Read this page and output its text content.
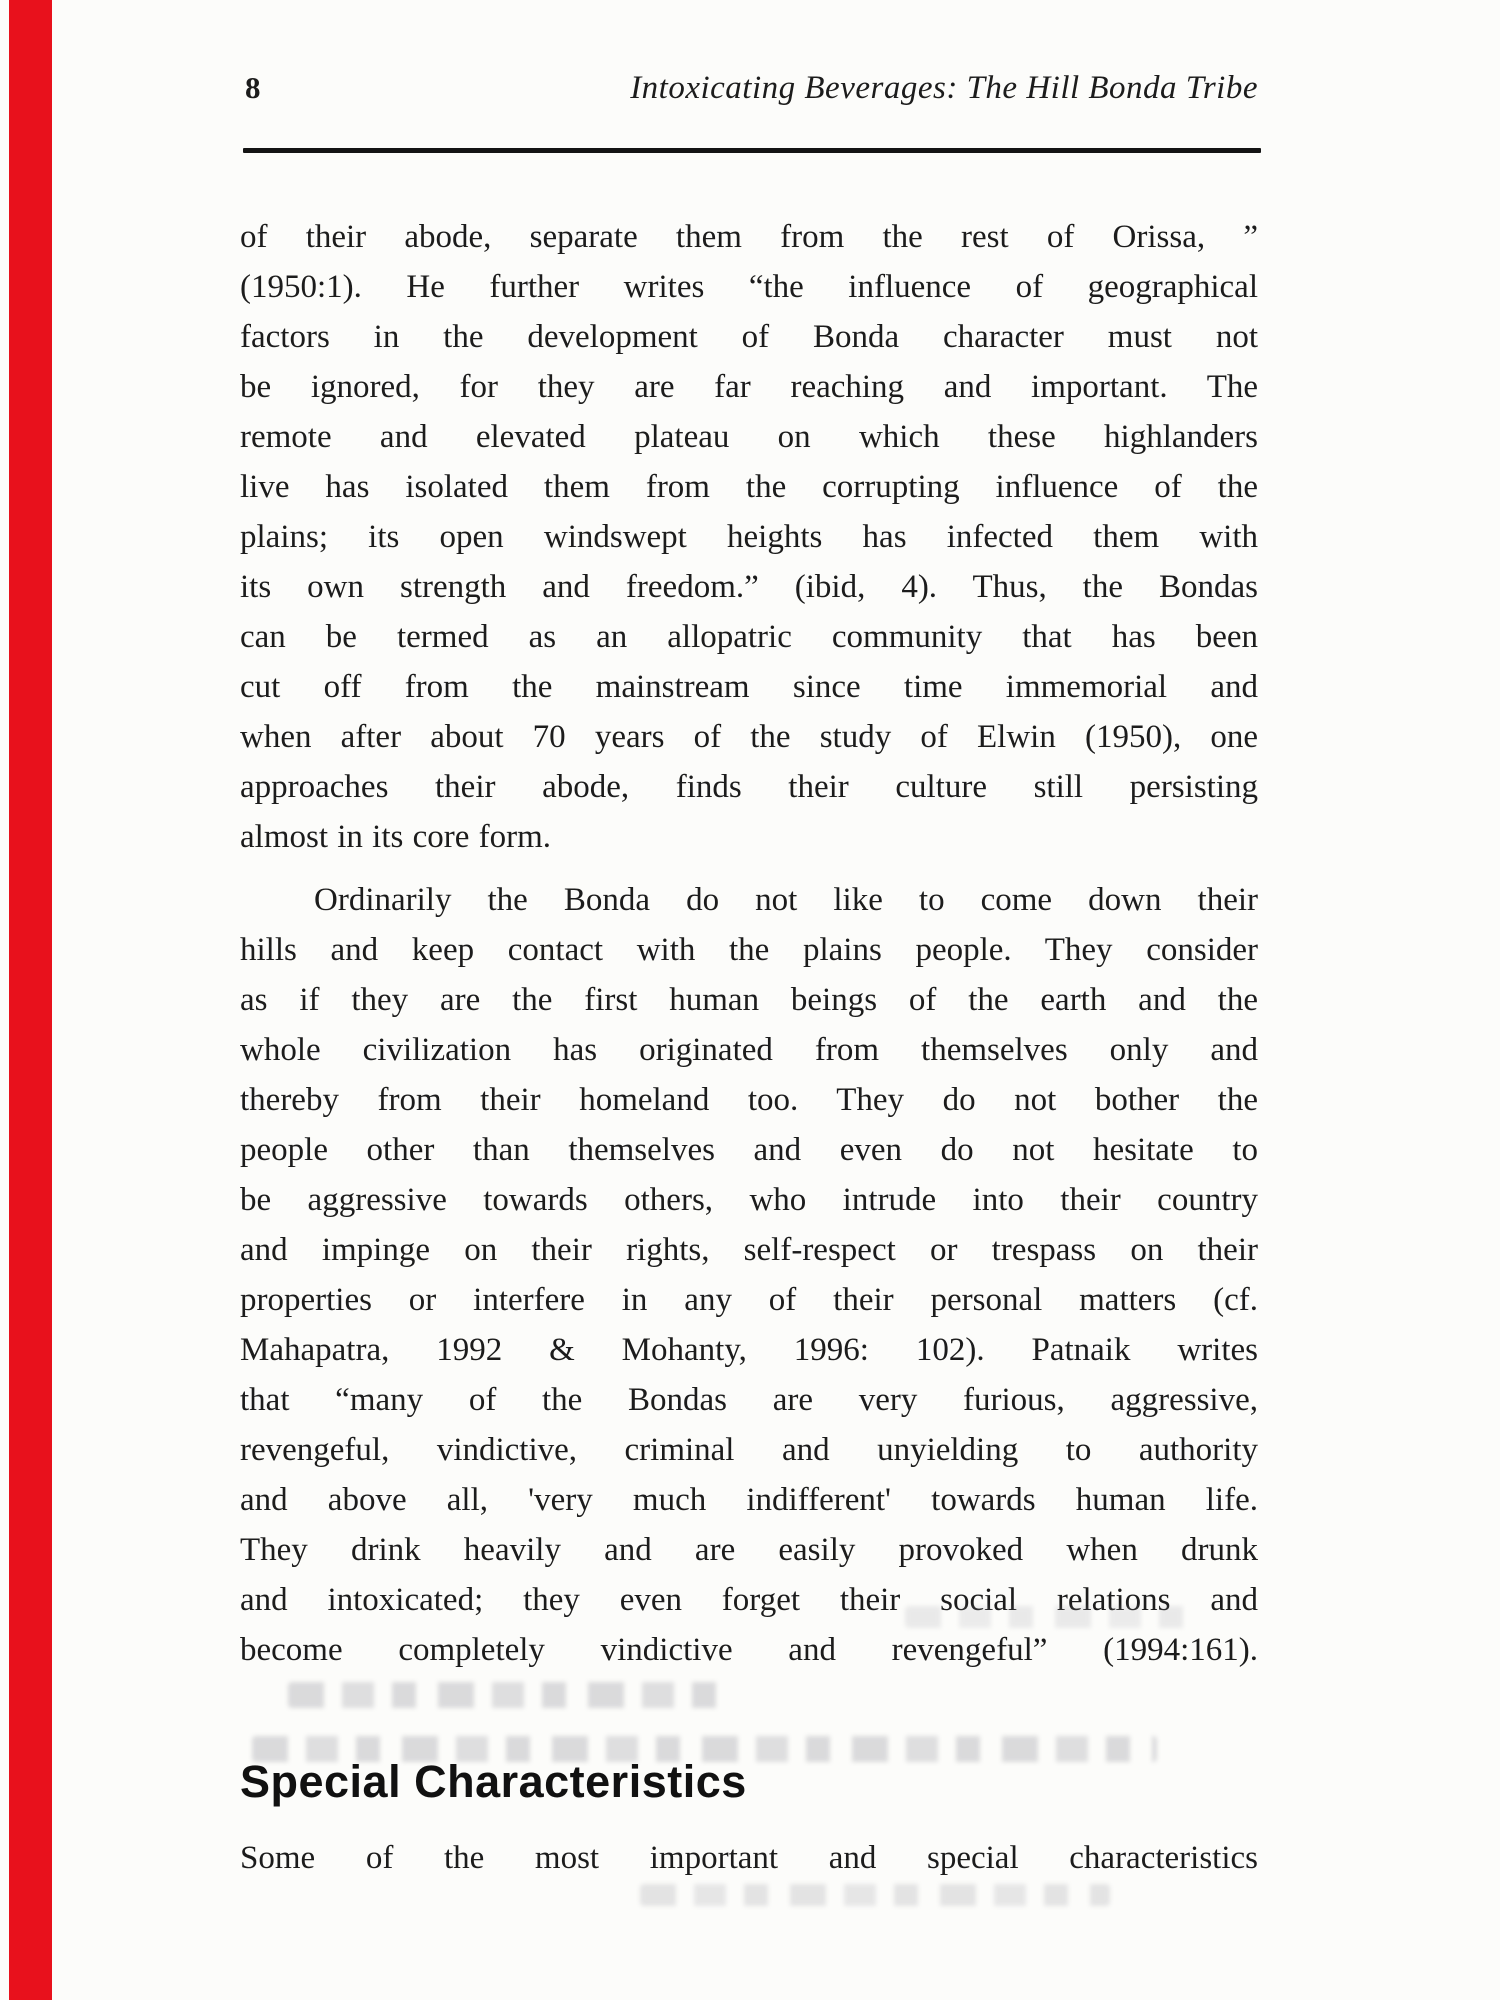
8	Intoxicating Beverages: The Hill Bonda Tribe
of their abode, separate them from the rest of Orissa, ”
(1950:1). He further writes “the influence of geographical
factors in the development of Bonda character must not
be ignored, for they are far reaching and important. The
remote and elevated plateau on which these highlanders
live has isolated them from the corrupting influence of the
plains; its open windswept heights has infected them with
its own strength and freedom.” (ibid, 4). Thus, the Bondas
can be termed as an allopatric community that has been
cut off from the mainstream since time immemorial and
when after about 70 years of the study of Elwin (1950), one
approaches their abode, finds their culture still persisting
almost in its core form.
Ordinarily the Bonda do not like to come down their
hills and keep contact with the plains people. They consider
as if they are the first human beings of the earth and the
whole civilization has originated from themselves only and
thereby from their homeland too. They do not bother the
people other than themselves and even do not hesitate to
be aggressive towards others, who intrude into their country
and impinge on their rights, self-respect or trespass on their
properties or interfere in any of their personal matters (cf.
Mahapatra, 1992 & Mohanty, 1996: 102). Patnaik writes
that “many of the Bondas are very furious, aggressive,
revengeful, vindictive, criminal and unyielding to authority
and above all, 'very much indifferent' towards human life.
They drink heavily and are easily provoked when drunk
and intoxicated; they even forget their social relations and
become completely vindictive and revengeful” (1994:161).
Special Characteristics
Some of the most important and special characteristics
